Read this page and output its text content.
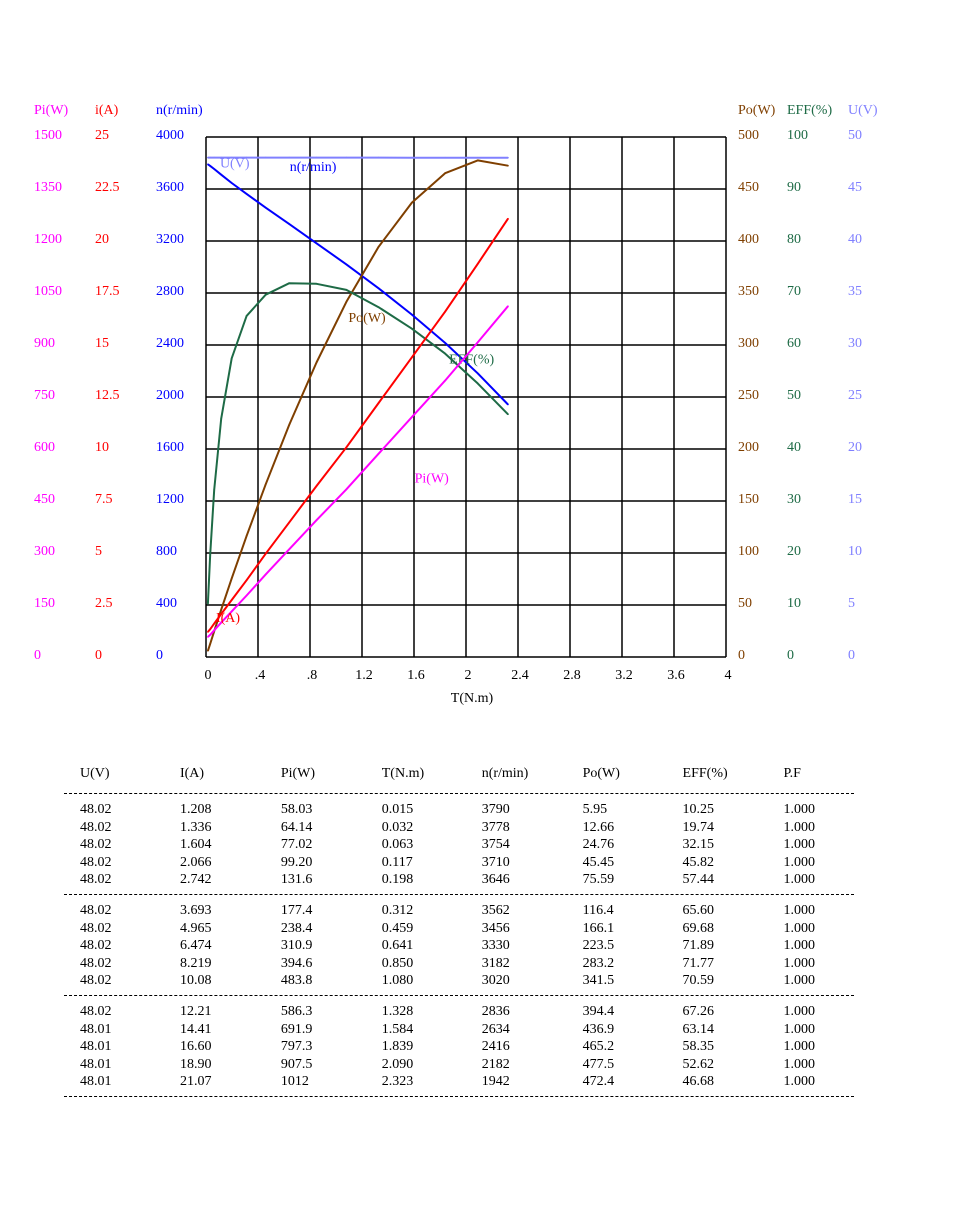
0	.4	.8	1.2 1.6	2	2.4 2.8 3.2 3.6	4
Pi(W)
0
150
300
450
600
750
900
1050
1200
1350
1500
i(A)
0
2.5
5
7.5
10
12.5
15
17.5
20
22.5
25
n(r/min)
0
400
800
1200
1600
2000
2400
2800
3200
3600
4000
Po(W)
0
50
100
150
200
250
300
350
400
450
500
EFF(%)
0
10
20
30
40
50
60
70
80
90
100
U(V)
0
5
10
15
20
25
30
35
40
45
50
U(V)	n(r/min)
Po(W)
EFF(%)
Pi(W)
I(A)
T(N.m)
U(V)	I(A)	Pi(W)	T(N.m)	n(r/min)	Po(W)	EFF(%)	P.F
48.02	1.208	58.03	0.015	3790	5.95	10.25	1.000
48.02	1.336	64.14	0.032	3778	12.66	19.74	1.000
48.02	1.604	77.02	0.063	3754	24.76	32.15	1.000
48.02	2.066	99.20	0.117	3710	45.45	45.82	1.000
48.02	2.742	131.6	0.198	3646	75.59	57.44	1.000
48.02	3.693	177.4	0.312	3562	116.4	65.60	1.000
48.02	4.965	238.4	0.459	3456	166.1	69.68	1.000
48.02	6.474	310.9	0.641	3330	223.5	71.89	1.000
48.02	8.219	394.6	0.850	3182	283.2	71.77	1.000
48.02	10.08	483.8	1.080	3020	341.5	70.59	1.000
48.02	12.21	586.3	1.328	2836	394.4	67.26	1.000
48.01	14.41	691.9	1.584	2634	436.9	63.14	1.000
48.01	16.60	797.3	1.839	2416	465.2	58.35	1.000
48.01	18.90	907.5	2.090	2182	477.5	52.62	1.000
48.01	21.07	1012	2.323	1942	472.4	46.68	1.000
